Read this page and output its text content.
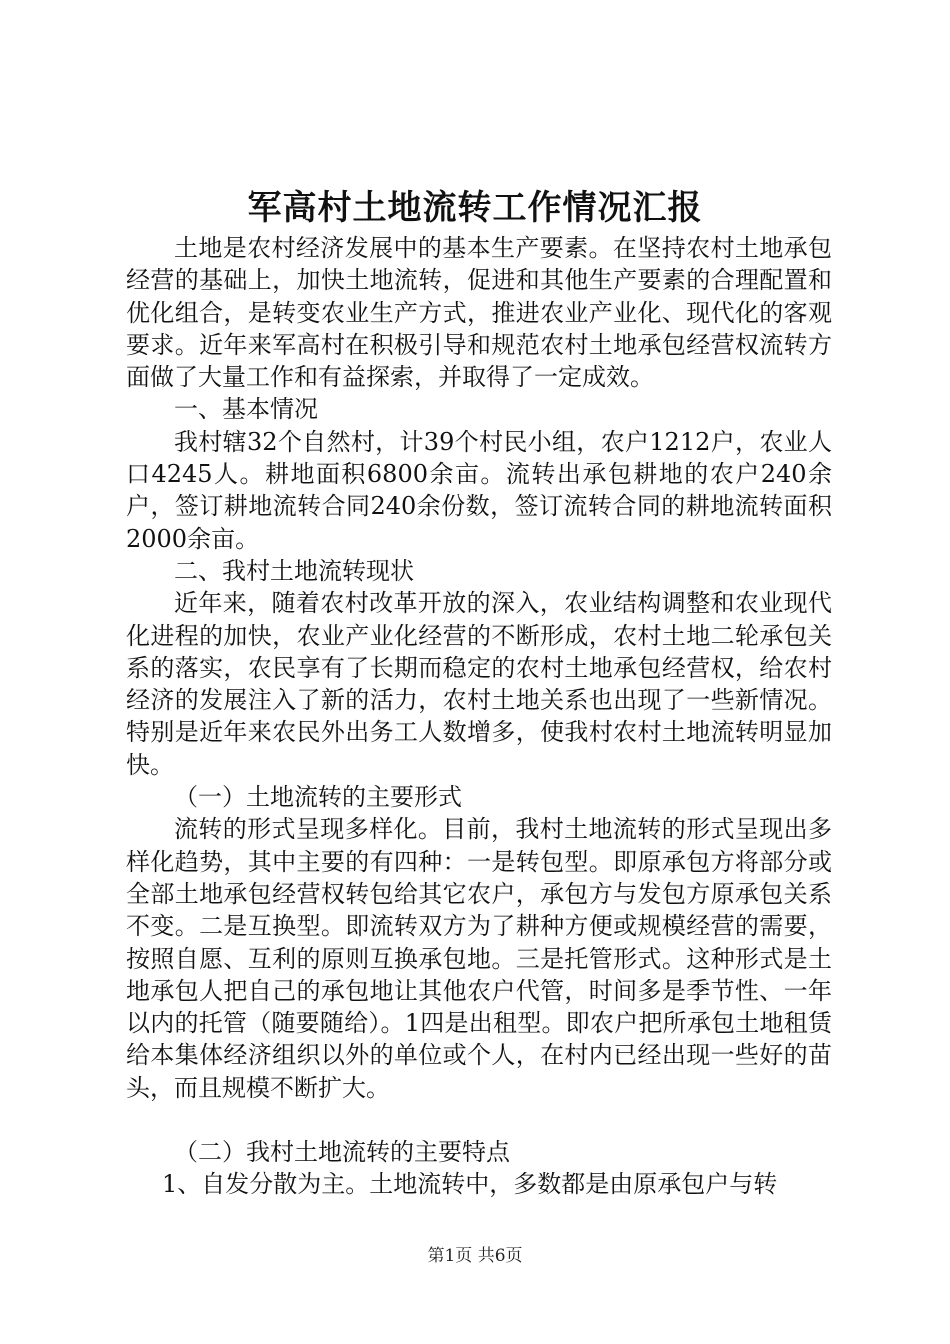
军高村土地流转工作情况汇报

土地是农村经济发展中的基本生产要素。在坚持农村土地承包经营的基础上，加快土地流转，促进和其他生产要素的合理配置和优化组合，是转变农业生产方式，推进农业产业化、现代化的客观要求。近年来军高村在积极引导和规范农村土地承包经营权流转方面做了大量工作和有益探索，并取得了一定成效。

一、基本情况

我村辖32个自然村，计39个村民小组，农户1212户，农业人口4245人。耕地面积6800余亩。流转出承包耕地的农户240余户，签订耕地流转合同240余份数，签订流转合同的耕地流转面积2000余亩。

二、我村土地流转现状

近年来，随着农村改革开放的深入，农业结构调整和农业现代化进程的加快，农业产业化经营的不断形成，农村土地二轮承包关系的落实，农民享有了长期而稳定的农村土地承包经营权，给农村经济的发展注入了新的活力，农村土地关系也出现了一些新情况。特别是近年来农民外出务工人数增多，使我村农村土地流转明显加快。

（一）土地流转的主要形式

流转的形式呈现多样化。目前，我村土地流转的形式呈现出多样化趋势，其中主要的有四种：一是转包型。即原承包方将部分或全部土地承包经营权转包给其它农户，承包方与发包方原承包关系不变。二是互换型。即流转双方为了耕种方便或规模经营的需要，按照自愿、互利的原则互换承包地。三是托管形式。这种形式是土地承包人把自己的承包地让其他农户代管，时间多是季节性、一年以内的托管（随要随给）。1四是出租型。即农户把所承包土地租赁给本集体经济组织以外的单位或个人，在村内已经出现一些好的苗头，而且规模不断扩大。

（二）我村土地流转的主要特点

1、自发分散为主。土地流转中，多数都是由原承包户与转

第1页 共6页
